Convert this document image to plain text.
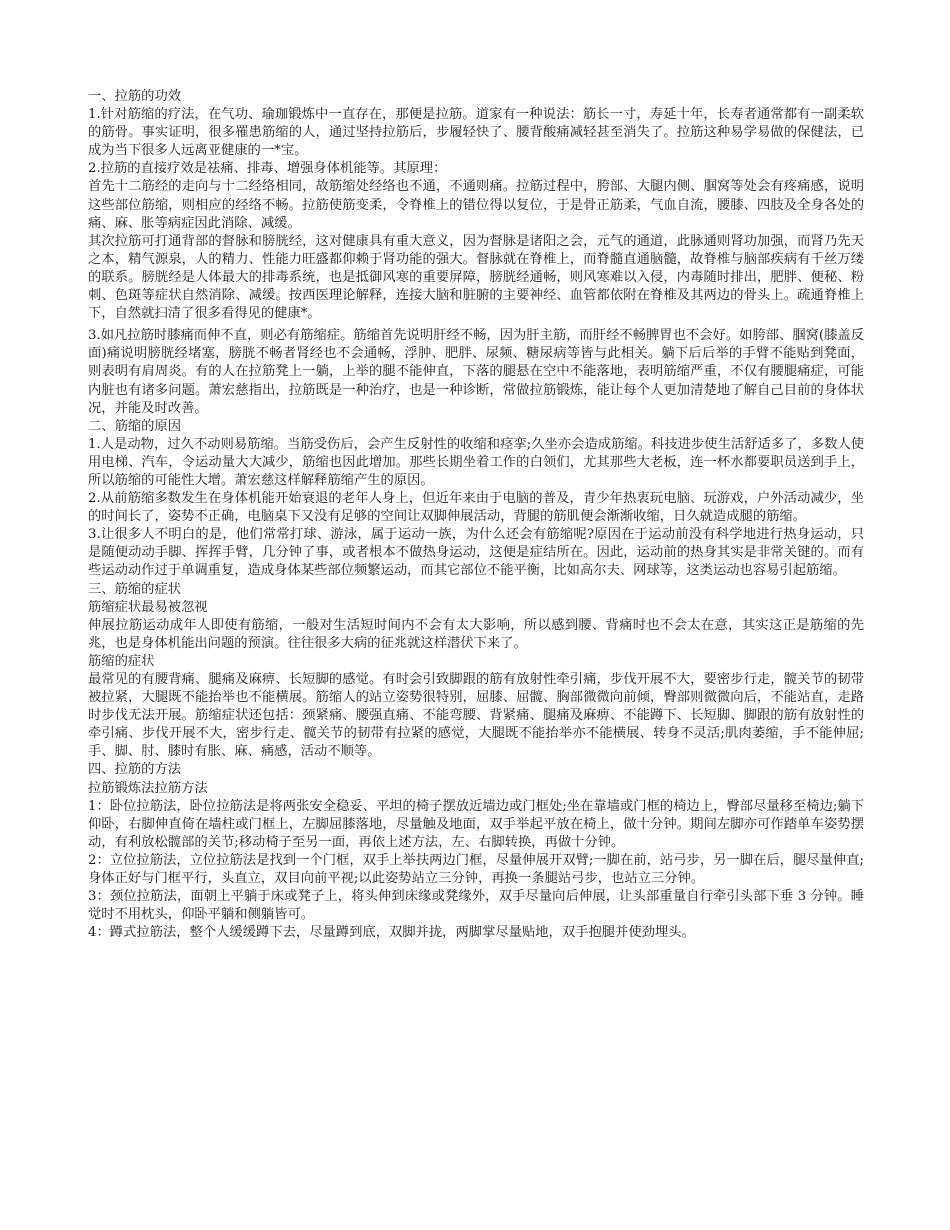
一、拉筋的功效

1.针对筋缩的疗法，在气功、瑜珈锻炼中一直存在，那便是拉筋。道家有一种说法：筋长一寸，寿延十年，长寿者通常都有一副柔软的筋骨。事实证明，很多罹患筋缩的人，通过坚持拉筋后，步履轻快了、腰背酸痛减轻甚至消失了。拉筋这种易学易做的保健法，已成为当下很多人远离亚健康的一*宝。

2.拉筋的直接疗效是祛痛、排毒、增强身体机能等。其原理：

首先十二筋经的走向与十二经络相同，故筋缩处经络也不通，不通则痛。拉筋过程中，胯部、大腿内侧、腘窝等处会有疼痛感，说明这些部位筋缩，则相应的经络不畅。拉筋使筋变柔，令脊椎上的错位得以复位，于是骨正筋柔，气血自流，腰膝、四肢及全身各处的痛、麻、胀等病症因此消除、减缓。

其次拉筋可打通背部的督脉和膀胱经，这对健康具有重大意义，因为督脉是诸阳之会，元气的通道，此脉通则肾功加强，而肾乃先天之本，精气源泉，人的精力、性能力旺盛都仰赖于肾功能的强大。督脉就在脊椎上，而脊髓直通脑髓，故脊椎与脑部疾病有千丝万缕的联系。膀胱经是人体最大的排毒系统，也是抵御风寒的重要屏障，膀胱经通畅，则风寒难以入侵，内毒随时排出，肥胖、便秘、粉刺、色斑等症状自然消除、减缓。按西医理论解释，连接大脑和脏腑的主要神经、血管都依附在脊椎及其两边的骨头上。疏通脊椎上下，自然就扫清了很多看得见的健康*。

3.如凡拉筋时膝痛而伸不直，则必有筋缩症。筋缩首先说明肝经不畅，因为肝主筋，而肝经不畅脾胃也不会好。如胯部、腘窝(膝盖反面)痛说明膀胱经堵塞，膀胱不畅者肾经也不会通畅，浮肿、肥胖、尿频、糖尿病等皆与此相关。躺下后后举的手臂不能贴到凳面，则表明有肩周炎。有的人在拉筋凳上一躺，上举的腿不能伸直，下落的腿悬在空中不能落地，表明筋缩严重，不仅有腰腿痛症，可能内脏也有诸多问题。萧宏慈指出，拉筋既是一种治疗，也是一种诊断，常做拉筋锻炼，能让每个人更加清楚地了解自己目前的身体状况，并能及时改善。

二、筋缩的原因

1.人是动物，过久不动则易筋缩。当筋受伤后，会产生反射性的收缩和痉挛;久坐亦会造成筋缩。科技进步使生活舒适多了，多数人使用电梯、汽车，令运动量大大减少，筋缩也因此增加。那些长期坐着工作的白领们，尤其那些大老板，连一杯水都要职员送到手上，所以筋缩的可能性大增。萧宏慈这样解释筋缩产生的原因。

2.从前筋缩多数发生在身体机能开始衰退的老年人身上，但近年来由于电脑的普及，青少年热衷玩电脑、玩游戏，户外活动减少，坐的时间长了，姿势不正确，电脑桌下又没有足够的空间让双脚伸展活动，背腿的筋肌便会渐渐收缩，日久就造成腿的筋缩。

3.让很多人不明白的是，他们常常打球、游泳，属于运动一族，为什么还会有筋缩呢?原因在于运动前没有科学地进行热身运动，只是随便动动手脚、挥挥手臂，几分钟了事，或者根本不做热身运动，这便是症结所在。因此，运动前的热身其实是非常关键的。而有些运动动作过于单调重复，造成身体某些部位频繁运动，而其它部位不能平衡，比如高尔夫、网球等，这类运动也容易引起筋缩。

三、筋缩的症状

筋缩症状最易被忽视

伸展拉筋运动成年人即使有筋缩，一般对生活短时间内不会有太大影响，所以感到腰、背痛时也不会太在意，其实这正是筋缩的先兆，也是身体机能出问题的预演。往往很多大病的征兆就这样潜伏下来了。

筋缩的症状

最常见的有腰背痛、腿痛及麻痹、长短脚的感觉。有时会引致脚跟的筋有放射性牵引痛，步伐开展不大，要密步行走，髋关节的韧带被拉紧，大腿既不能抬举也不能横展。筋缩人的站立姿势很特别，屈膝、屈髋、胸部微微向前倾，臀部则微微向后，不能站直，走路时步伐无法开展。筋缩症状还包括：颈紧痛、腰强直痛、不能弯腰、背紧痛、腿痛及麻痹、不能蹲下、长短脚、脚跟的筋有放射性的牵引痛、步伐开展不大，密步行走、髋关节的韧带有拉紧的感觉，大腿既不能抬举亦不能横展、转身不灵活;肌肉萎缩，手不能伸屈;手、脚、肘、膝时有胀、麻、痛感，活动不顺等。

四、拉筋的方法

拉筋锻炼法拉筋方法

1：卧位拉筋法，卧位拉筋法是将两张安全稳妥、平坦的椅子摆放近墙边或门框处;坐在靠墙或门框的椅边上，臀部尽量移至椅边;躺下仰卧，右脚伸直倚在墙柱或门框上，左脚屈膝落地，尽量触及地面，双手举起平放在椅上，做十分钟。期间左脚亦可作踏单车姿势摆动，有利放松髋部的关节;移动椅子至另一面，再依上述方法，左、右脚转换，再做十分钟。

2：立位拉筋法，立位拉筋法是找到一个门框，双手上举扶两边门框，尽量伸展开双臂;一脚在前，站弓步，另一脚在后，腿尽量伸直;身体正好与门框平行，头直立，双目向前平视;以此姿势站立三分钟，再换一条腿站弓步，也站立三分钟。

3：颈位拉筋法，面朝上平躺于床或凳子上，将头伸到床缘或凳缘外，双手尽量向后伸展，让头部重量自行牵引头部下垂 3 分钟。睡觉时不用枕头，仰卧平躺和侧躺皆可。

4：蹲式拉筋法，整个人缓缓蹲下去，尽量蹲到底，双脚并拢，两脚掌尽量贴地，双手抱腿并使劲埋头。
